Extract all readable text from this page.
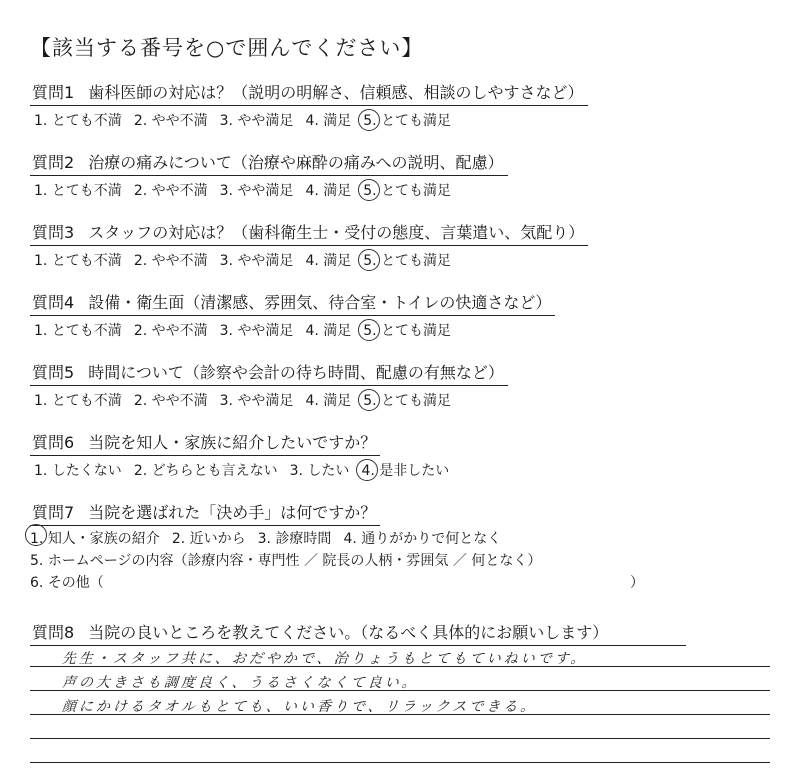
【該当する番号を○で囲んでください】
質問1 歯科医師の対応は？（説明の明解さ、信頼感、相談のしやすさなど）
1. とても不満 2. やや不満 3. やや満足 4. 満足 5. とても満足
質問2 治療の痛みについて（治療や麻酔の痛みへの説明、配慮）
1. とても不満 2. やや不満 3. やや満足 4. 満足 5. とても満足
質問3 スタッフの対応は？（歯科衛生士・受付の態度、言葉遣い、気配り）
1. とても不満 2. やや不満 3. やや満足 4. 満足 5. とても満足
質問4 設備・衛生面（清潔感、雰囲気、待合室・トイレの快適さなど）
1. とても不満 2. やや不満 3. やや満足 4. 満足 5. とても満足
質問5 時間について（診察や会計の待ち時間、配慮の有無など）
1. とても不満 2. やや不満 3. やや満足 4. 満足 5. とても満足
質問6 当院を知人・家族に紹介したいですか？
1. したくない 2. どちらとも言えない 3. したい 4. 是非したい
質問7 当院を選ばれた「決め手」は何ですか？
1. 知人・家族の紹介 2. 近いから 3. 診療時間 4. 通りがかりで何となく
5. ホームページの内容（診療内容・専門性 ／ 院長の人柄・雰囲気 ／ 何となく）
6. その他（	）
質問8 当院の良いところを教えてください。（なるべく具体的にお願いします）
先生・スタッフ共に、おだやかで、治りょうもとてもていねいです。
声の大きさも調度良く、うるさくなくて良い。
顔にかけるタオルもとても、いい香りで、リラックスできる。
